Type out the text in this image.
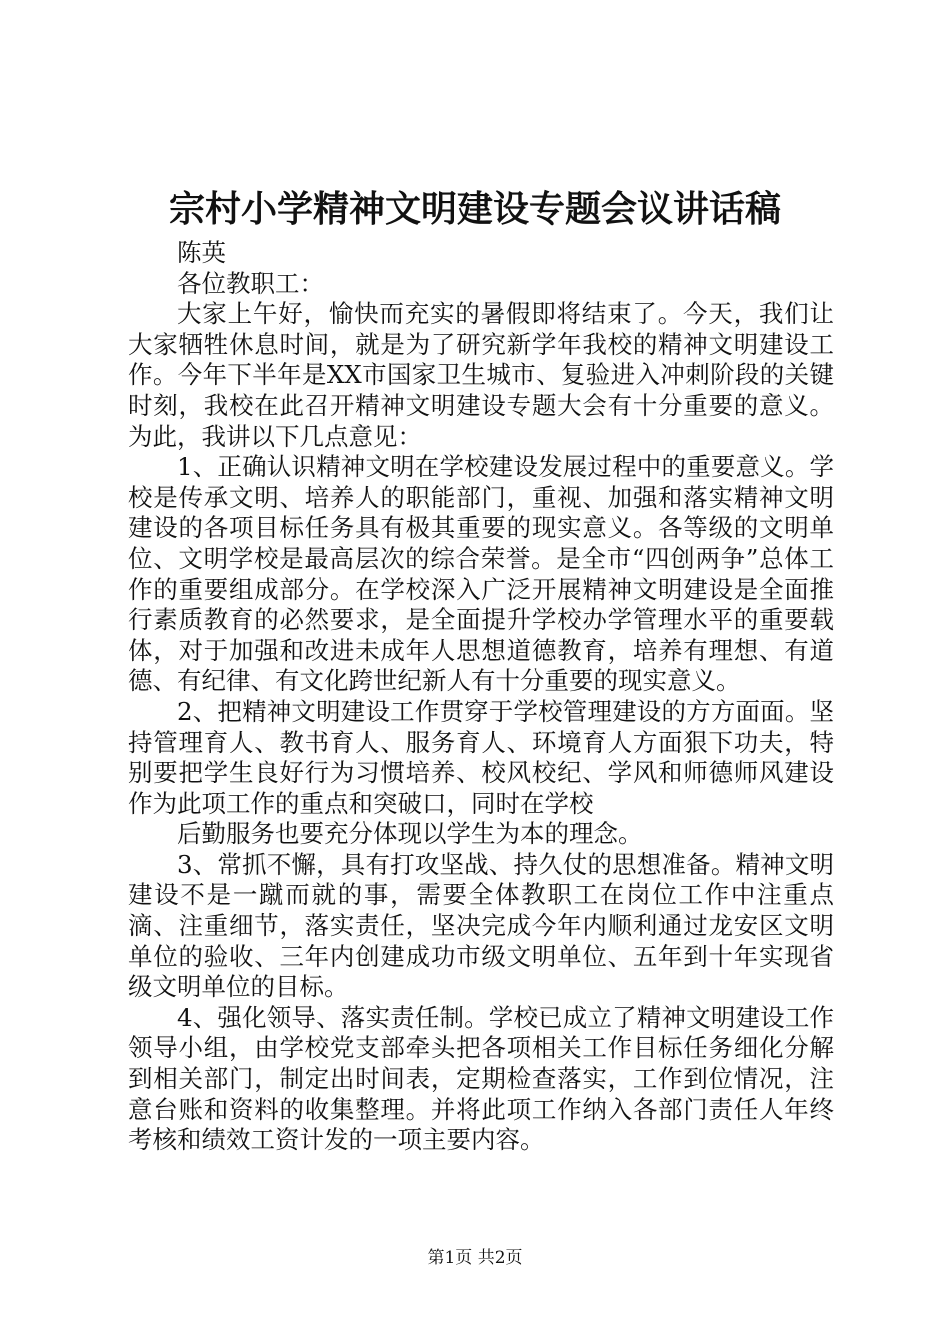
宗村小学精神文明建设专题会议讲话稿

陈英

各位教职工：

大家上午好，愉快而充实的暑假即将结束了。今天，我们让大家牺牲休息时间，就是为了研究新学年我校的精神文明建设工作。今年下半年是XX市国家卫生城市、复验进入冲刺阶段的关键时刻，我校在此召开精神文明建设专题大会有十分重要的意义。为此，我讲以下几点意见：

1、正确认识精神文明在学校建设发展过程中的重要意义。学校是传承文明、培养人的职能部门，重视、加强和落实精神文明建设的各项目标任务具有极其重要的现实意义。各等级的文明单位、文明学校是最高层次的综合荣誉。是全市“四创两争”总体工作的重要组成部分。在学校深入广泛开展精神文明建设是全面推行素质教育的必然要求，是全面提升学校办学管理水平的重要载体，对于加强和改进未成年人思想道德教育，培养有理想、有道德、有纪律、有文化跨世纪新人有十分重要的现实意义。

2、把精神文明建设工作贯穿于学校管理建设的方方面面。坚持管理育人、教书育人、服务育人、环境育人方面狠下功夫，特别要把学生良好行为习惯培养、校风校纪、学风和师德师风建设作为此项工作的重点和突破口，同时在学校

后勤服务也要充分体现以学生为本的理念。

3、常抓不懈，具有打攻坚战、持久仗的思想准备。精神文明建设不是一蹴而就的事，需要全体教职工在岗位工作中注重点滴、注重细节，落实责任，坚决完成今年内顺利通过龙安区文明单位的验收、三年内创建成功市级文明单位、五年到十年实现省级文明单位的目标。

4、强化领导、落实责任制。学校已成立了精神文明建设工作领导小组，由学校党支部牵头把各项相关工作目标任务细化分解到相关部门，制定出时间表，定期检查落实，工作到位情况，注意台账和资料的收集整理。并将此项工作纳入各部门责任人年终考核和绩效工资计发的一项主要内容。

第1页 共2页
